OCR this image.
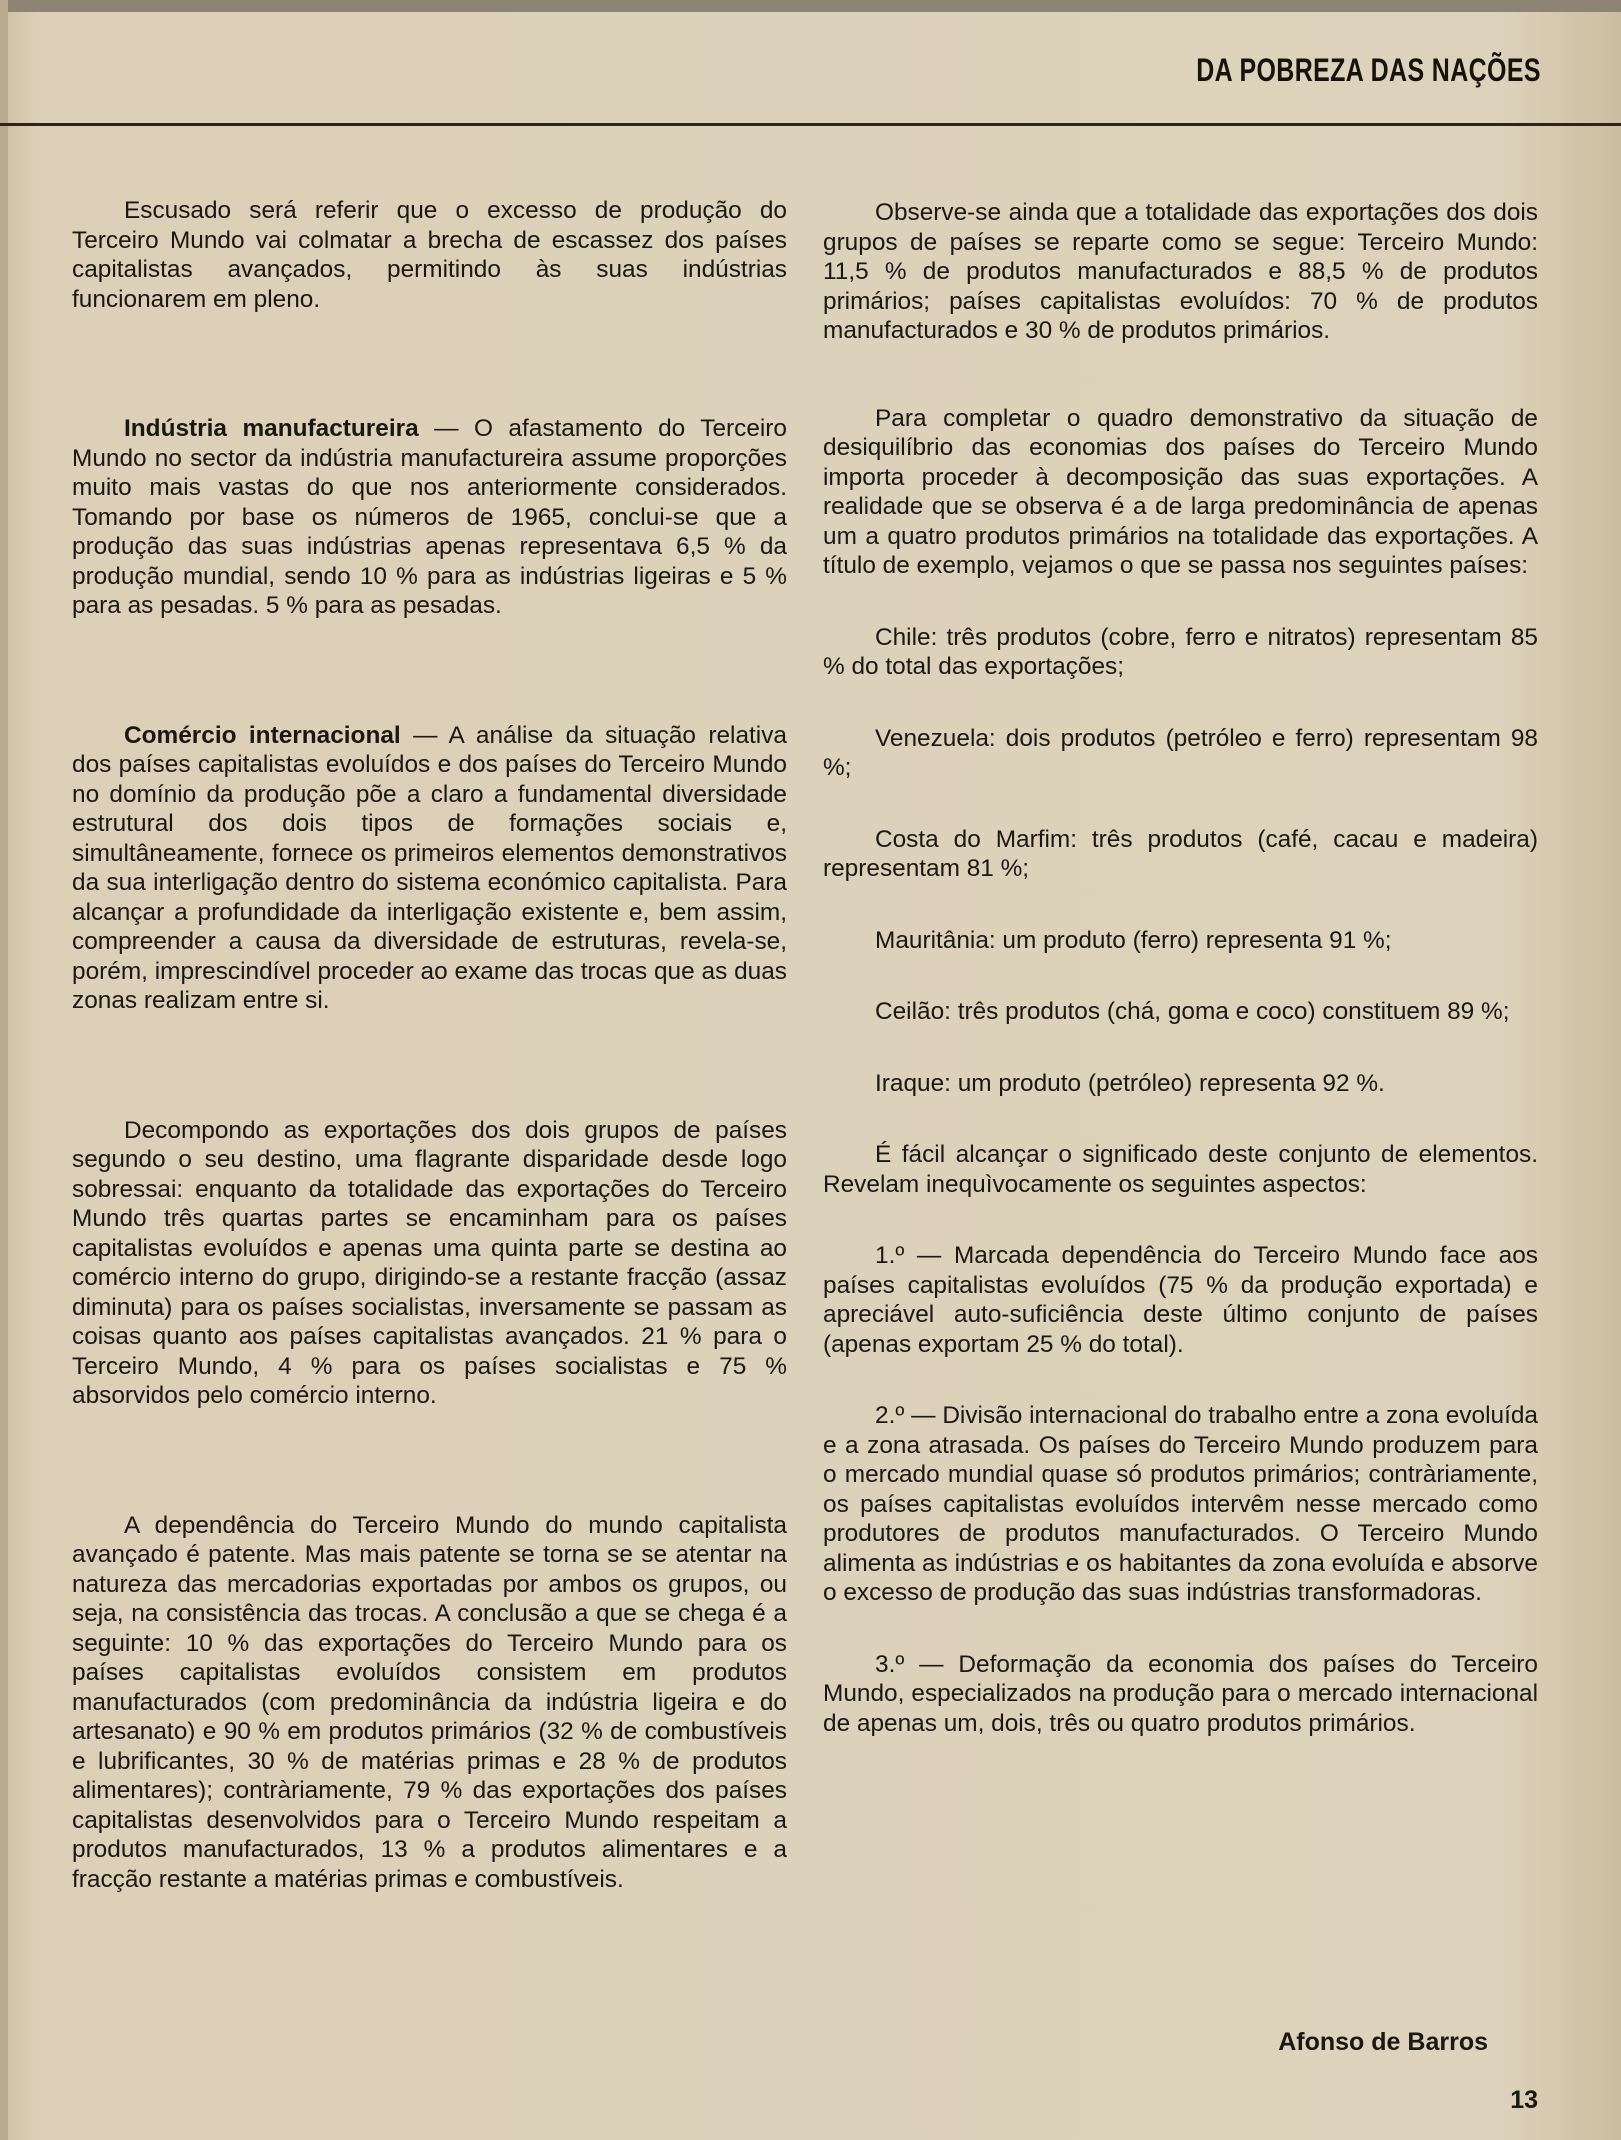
DA POBREZA DAS NAÇÕES

Escusado será referir que o excesso de produção do Terceiro Mundo vai colmatar a brecha de escassez dos países capitalistas avançados, permitindo às suas indústrias funcionarem em pleno.

Indústria manufactureira — O afastamento do Terceiro Mundo no sector da indústria manufactureira assume proporções muito mais vastas do que nos anteriormente considerados. Tomando por base os números de 1965, conclui-se que a produção das suas indústrias apenas representava 6,5 % da produção mundial, sendo 10 % para as indústrias ligeiras e 5 % para as pesadas. 5 % para as pesadas.

Comércio internacional — A análise da situação relativa dos países capitalistas evoluídos e dos países do Terceiro Mundo no domínio da produção põe a claro a fundamental diversidade estrutural dos dois tipos de formações sociais e, simultâneamente, fornece os primeiros elementos demonstrativos da sua interligação dentro do sistema económico capitalista. Para alcançar a profundidade da interligação existente e, bem assim, compreender a causa da diversidade de estruturas, revela-se, porém, imprescindível proceder ao exame das trocas que as duas zonas realizam entre si.

Decompondo as exportações dos dois grupos de países segundo o seu destino, uma flagrante disparidade desde logo sobressai: enquanto da totalidade das exportações do Terceiro Mundo três quartas partes se encaminham para os países capitalistas evoluídos e apenas uma quinta parte se destina ao comércio interno do grupo, dirigindo-se a restante fracção (assaz diminuta) para os países socialistas, inversamente se passam as coisas quanto aos países capitalistas avançados. 21 % para o Terceiro Mundo, 4 % para os países socialistas e 75 % absorvidos pelo comércio interno.

A dependência do Terceiro Mundo do mundo capitalista avançado é patente. Mas mais patente se torna se se atentar na natureza das mercadorias exportadas por ambos os grupos, ou seja, na consistência das trocas. A conclusão a que se chega é a seguinte: 10 % das exportações do Terceiro Mundo para os países capitalistas evoluídos consistem em produtos manufacturados (com predominância da indústria ligeira e do artesanato) e 90 % em produtos primários (32 % de combustíveis e lubrificantes, 30 % de matérias primas e 28 % de produtos alimentares); contràriamente, 79 % das exportações dos países capitalistas desenvolvidos para o Terceiro Mundo respeitam a produtos manufacturados, 13 % a produtos alimentares e a fracção restante a matérias primas e combustíveis.

Observe-se ainda que a totalidade das exportações dos dois grupos de países se reparte como se segue: Terceiro Mundo: 11,5 % de produtos manufacturados e 88,5 % de produtos primários; países capitalistas evoluídos: 70 % de produtos manufacturados e 30 % de produtos primários.

Para completar o quadro demonstrativo da situação de desiquilíbrio das economias dos países do Terceiro Mundo importa proceder à decomposição das suas exportações. A realidade que se observa é a de larga predominância de apenas um a quatro produtos primários na totalidade das exportações. A título de exemplo, vejamos o que se passa nos seguintes países:

Chile: três produtos (cobre, ferro e nitratos) representam 85 % do total das exportações;

Venezuela: dois produtos (petróleo e ferro) representam 98 %;

Costa do Marfim: três produtos (café, cacau e madeira) representam 81 %;

Mauritânia: um produto (ferro) representa 91 %;

Ceilão: três produtos (chá, goma e coco) constituem 89 %;

Iraque: um produto (petróleo) representa 92 %.

É fácil alcançar o significado deste conjunto de elementos. Revelam inequìvocamente os seguintes aspectos:

1.º — Marcada dependência do Terceiro Mundo face aos países capitalistas evoluídos (75 % da produção exportada) e apreciável auto-suficiência deste último conjunto de países (apenas exportam 25 % do total).

2.º — Divisão internacional do trabalho entre a zona evoluída e a zona atrasada. Os países do Terceiro Mundo produzem para o mercado mundial quase só produtos primários; contràriamente, os países capitalistas evoluídos intervêm nesse mercado como produtores de produtos manufacturados. O Terceiro Mundo alimenta as indústrias e os habitantes da zona evoluída e absorve o excesso de produção das suas indústrias transformadoras.

3.º — Deformação da economia dos países do Terceiro Mundo, especializados na produção para o mercado internacional de apenas um, dois, três ou quatro produtos primários.

Afonso de Barros
13
